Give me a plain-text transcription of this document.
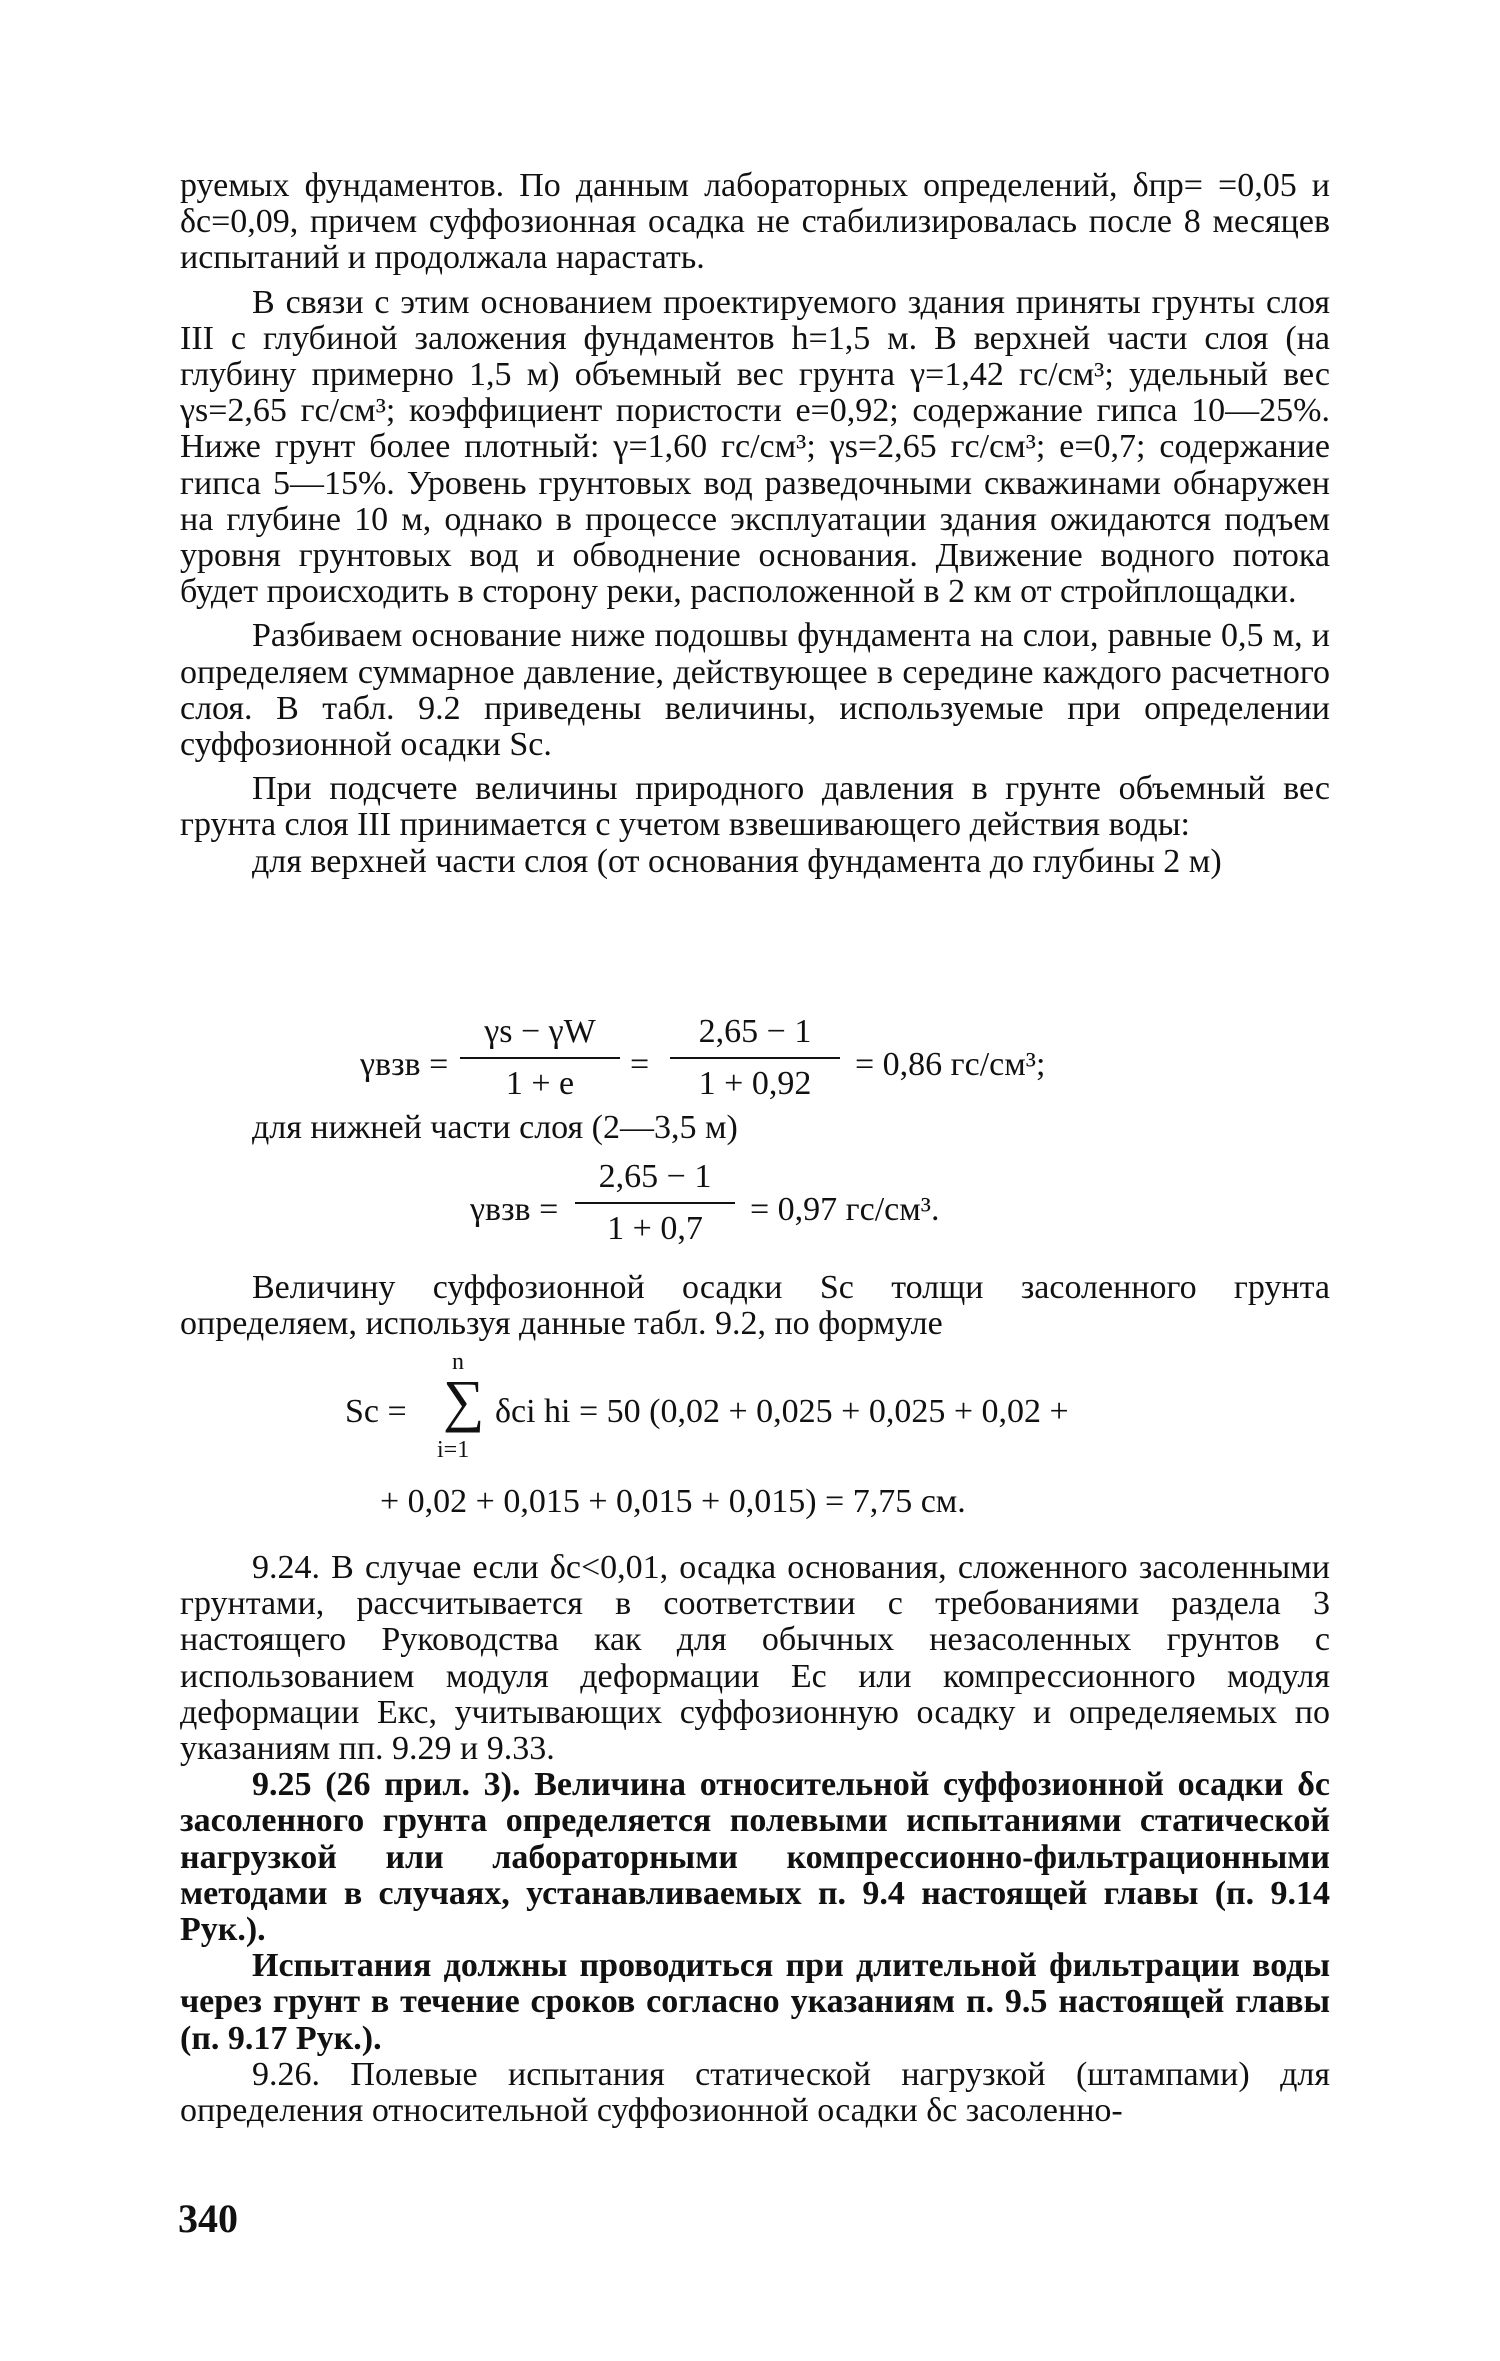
руемых фундаментов. По данным лабораторных определений, δпр= =0,05 и δс=0,09, причем суффозионная осадка не стабилизировалась после 8 месяцев испытаний и продолжала нарастать.

В связи с этим основанием проектируемого здания приняты грунты слоя III с глубиной заложения фундаментов h=1,5 м. В верхней части слоя (на глубину примерно 1,5 м) объемный вес грунта γ=1,42 гс/см³; удельный вес γs=2,65 гс/см³; коэффициент пористости e=0,92; содержание гипса 10—25%. Ниже грунт более плотный: γ=1,60 гс/см³; γs=2,65 гс/см³; e=0,7; содержание гипса 5—15%. Уровень грунтовых вод разведочными скважинами обнаружен на глубине 10 м, однако в процессе эксплуатации здания ожидаются подъем уровня грунтовых вод и обводнение основания. Движение водного потока будет происходить в сторону реки, расположенной в 2 км от стройплощадки.

Разбиваем основание ниже подошвы фундамента на слои, равные 0,5 м, и определяем суммарное давление, действующее в середине каждого расчетного слоя. В табл. 9.2 приведены величины, используемые при определении суффозионной осадки Sс.

При подсчете величины природного давления в грунте объемный вес грунта слоя III принимается с учетом взвешивающего действия воды:

для верхней части слоя (от основания фундамента до глубины 2 м)

γвзв =
γs − γW
1 + e
=
2,65 − 1
1 + 0,92
= 0,86 гс/см³;

для нижней части слоя (2—3,5 м)

γвзв =
2,65 − 1
1 + 0,7
= 0,97 гс/см³.

Величину суффозионной осадки Sс толщи засоленного грунта определяем, используя данные табл. 9.2, по формуле

Sс =
n
∑
i=1
δсi hi = 50 (0,02 + 0,025 + 0,025 + 0,02 +
+ 0,02 + 0,015 + 0,015 + 0,015) = 7,75 см.

9.24. В случае если δс<0,01, осадка основания, сложенного засоленными грунтами, рассчитывается в соответствии с требованиями раздела 3 настоящего Руководства как для обычных незасоленных грунтов с использованием модуля деформации Ес или компрессионного модуля деформации Екс, учитывающих суффозионную осадку и определяемых по указаниям пп. 9.29 и 9.33.

9.25 (26 прил. 3). Величина относительной суффозионной осадки δс засоленного грунта определяется полевыми испытаниями статической нагрузкой или лабораторными компрессионно-фильтрационными методами в случаях, устанавливаемых п. 9.4 настоящей главы (п. 9.14 Рук.).

Испытания должны проводиться при длительной фильтрации воды через грунт в течение сроков согласно указаниям п. 9.5 настоящей главы (п. 9.17 Рук.).

9.26. Полевые испытания статической нагрузкой (штампами) для определения относительной суффозионной осадки δс засоленно-

340
